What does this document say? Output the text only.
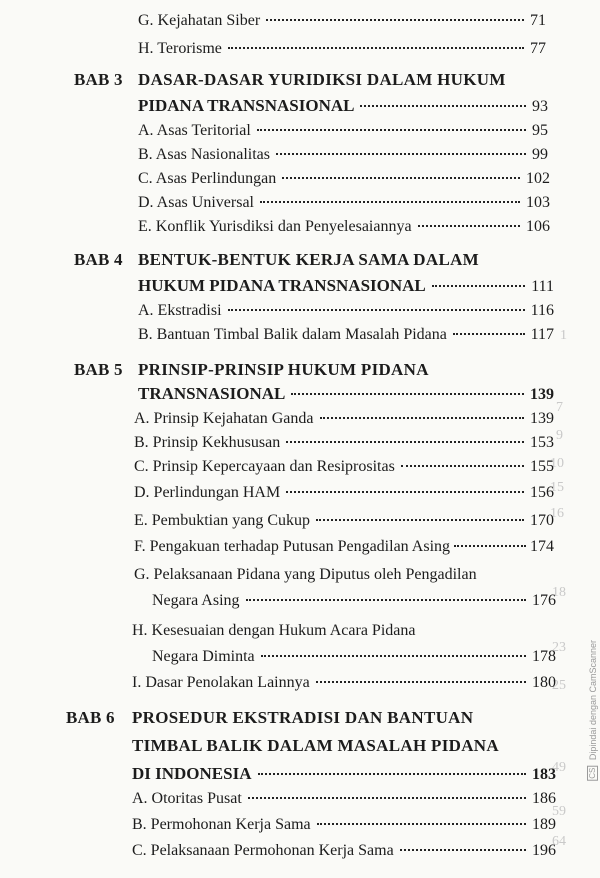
1
7
9
10
15
16
18
23
25
49
59
64
G. Kejahatan Siber	71
H. Terorisme	77
BAB 3 DASAR-DASAR YURIDIKSI DALAM HUKUM
PIDANA TRANSNASIONAL	93
A. Asas Teritorial	95
B. Asas Nasionalitas	99
C. Asas Perlindungan	102
D. Asas Universal	103
E. Konflik Yurisdiksi dan Penyelesaiannya	106
BAB 4 BENTUK-BENTUK KERJA SAMA DALAM
HUKUM PIDANA TRANSNASIONAL	111
A. Ekstradisi	116
B. Bantuan Timbal Balik dalam Masalah Pidana	117
BAB 5 PRINSIP-PRINSIP HUKUM PIDANA
TRANSNASIONAL	139
A. Prinsip Kejahatan Ganda	139
B. Prinsip Kekhususan	153
C. Prinsip Kepercayaan dan Resiprositas	155
D. Perlindungan HAM	156
E. Pembuktian yang Cukup	170
F. Pengakuan terhadap Putusan Pengadilan Asing	174
G. Pelaksanaan Pidana yang Diputus oleh Pengadilan
Negara Asing	176
H. Kesesuaian dengan Hukum Acara Pidana
Negara Diminta	178
I. Dasar Penolakan Lainnya	180
BAB 6 PROSEDUR EKSTRADISI DAN BANTUAN
TIMBAL BALIK DALAM MASALAH PIDANA
DI INDONESIA	183
A. Otoritas Pusat	186
B. Permohonan Kerja Sama	189
C. Pelaksanaan Permohonan Kerja Sama	196
CS Dipindai dengan CamScanner
